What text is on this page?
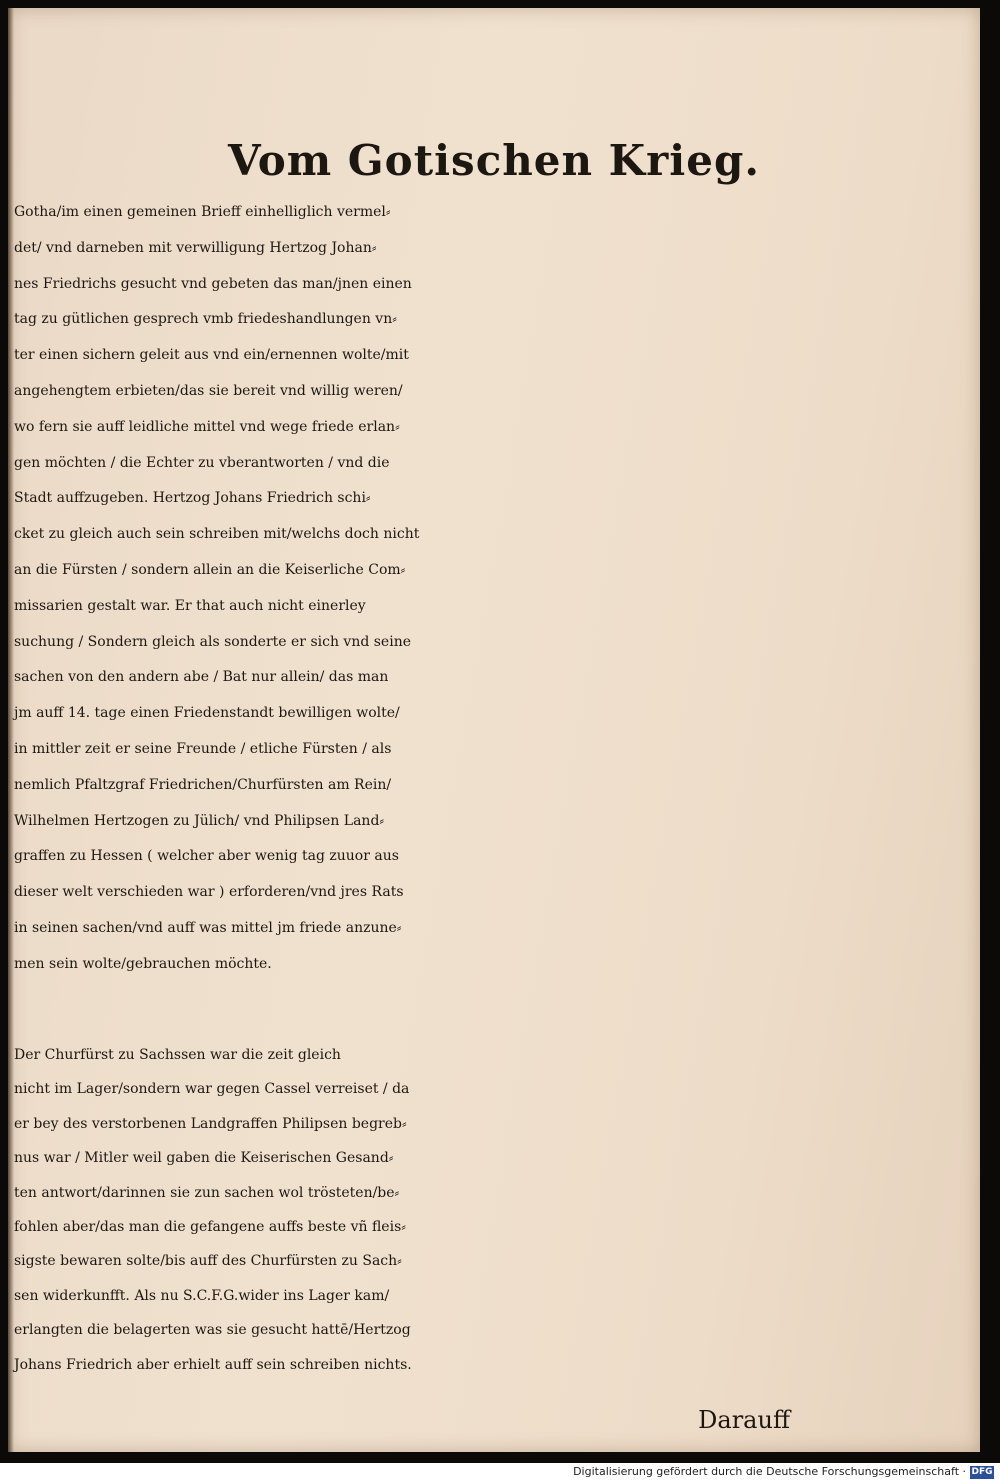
Vom Gotischen Krieg.
Gotha/im einen gemeinen Brieff einhelliglich vermel⸗
det/ vnd darneben mit verwilligung Hertzog Johan⸗
nes Friedrichs gesucht vnd gebeten das man/jnen einen
tag zu gütlichen gesprech vmb friedeshandlungen vn⸗
ter einen sichern geleit aus vnd ein/ernennen wolte/mit
angehengtem erbieten/das sie bereit vnd willig weren/
wo fern sie auff leidliche mittel vnd wege friede erlan⸗
gen möchten / die Echter zu vberantworten / vnd die
Stadt auffzugeben. Hertzog Johans Friedrich schi⸗
cket zu gleich auch sein schreiben mit/welchs doch nicht
an die Fürsten / sondern allein an die Keiserliche Com⸗
missarien gestalt war. Er that auch nicht einerley
suchung / Sondern gleich als sonderte er sich vnd seine
sachen von den andern abe / Bat nur allein/ das man
jm auff 14. tage einen Friedenstandt bewilligen wolte/
in mittler zeit er seine Freunde / etliche Fürsten / als
nemlich Pfaltzgraf Friedrichen/Churfürsten am Rein/
Wilhelmen Hertzogen zu Jülich/ vnd Philipsen Land⸗
graffen zu Hessen ( welcher aber wenig tag zuuor aus
dieser welt verschieden war ) erforderen/vnd jres Rats
in seinen sachen/vnd auff was mittel jm friede anzune⸗
men sein wolte/gebrauchen möchte.
Der Churfürst zu Sachssen war die zeit gleich
nicht im Lager/sondern war gegen Cassel verreiset / da
er bey des verstorbenen Landgraffen Philipsen begreb⸗
nus war / Mitler weil gaben die Keiserischen Gesand⸗
ten antwort/darinnen sie zun sachen wol trösteten/be⸗
fohlen aber/das man die gefangene auffs beste vñ fleis⸗
sigste bewaren solte/bis auff des Churfürsten zu Sach⸗
sen widerkunfft. Als nu S.C.F.G.wider ins Lager kam/
erlangten die belagerten was sie gesucht hattē/Hertzog
Johans Friedrich aber erhielt auff sein schreiben nichts.
Darauff
Digitalisierung gefördert durch die Deutsche Forschungsgemeinschaft · DFG
